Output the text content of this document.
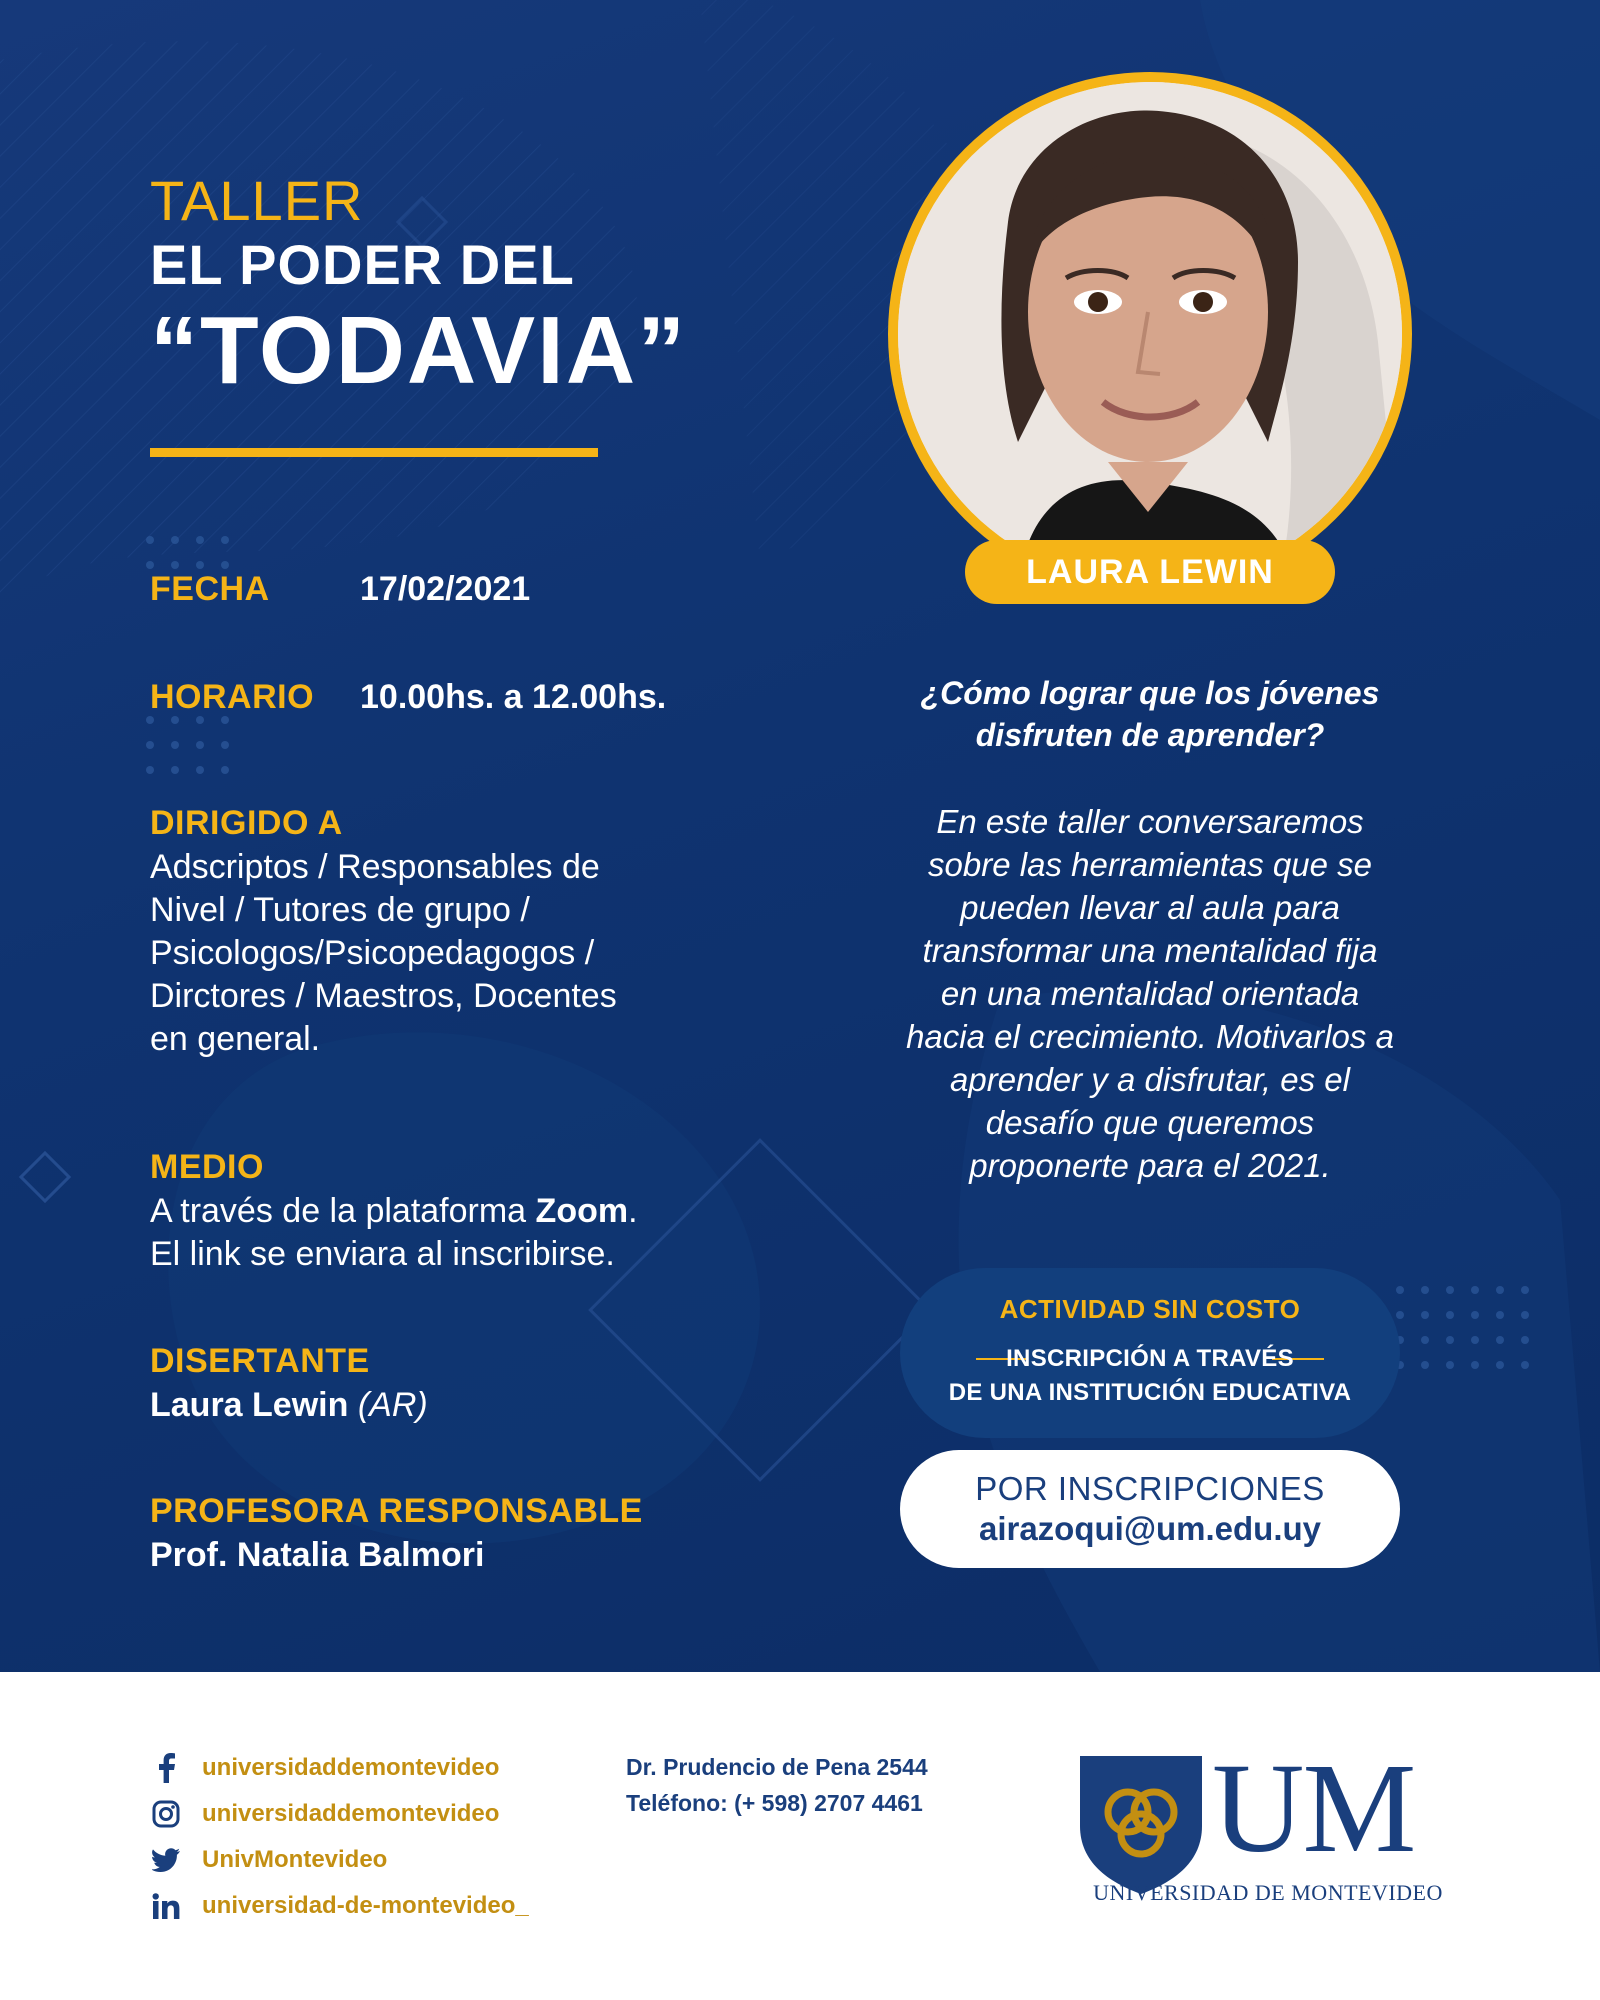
TALLER
EL PODER DEL
“TODAVIA”
FECHA	17/02/2021
HORARIO 10.00hs. a 12.00hs.
DIRIGIDO A
Adscriptos / Responsables de
Nivel / Tutores de grupo /
Psicologos/Psicopedagogos /
Dirctores / Maestros, Docentes
en general.
MEDIO
A través de la plataforma Zoom.
El link se enviara al inscribirse.
DISERTANTE
Laura Lewin (AR)
PROFESORA RESPONSABLE
Prof. Natalia Balmori
LAURA LEWIN
¿Cómo lograr que los jóvenes
disfruten de aprender?
En este taller conversaremos
sobre las herramientas que se
pueden llevar al aula para
transformar una mentalidad fija
en una mentalidad orientada
hacia el crecimiento. Motivarlos a
aprender y a disfrutar, es el
desafío que queremos
proponerte para el 2021.
ACTIVIDAD SIN COSTO
INSCRIPCIÓN A TRAVÉS
DE UNA INSTITUCIÓN EDUCATIVA
POR INSCRIPCIONES
airazoqui@um.edu.uy
universidaddemontevideo
universidaddemontevideo
UnivMontevideo
universidad-de-montevideo_
Dr. Prudencio de Pena 2544
Teléfono: (+ 598) 2707 4461 UM
UNIVERSIDAD DE MONTEVIDEO
